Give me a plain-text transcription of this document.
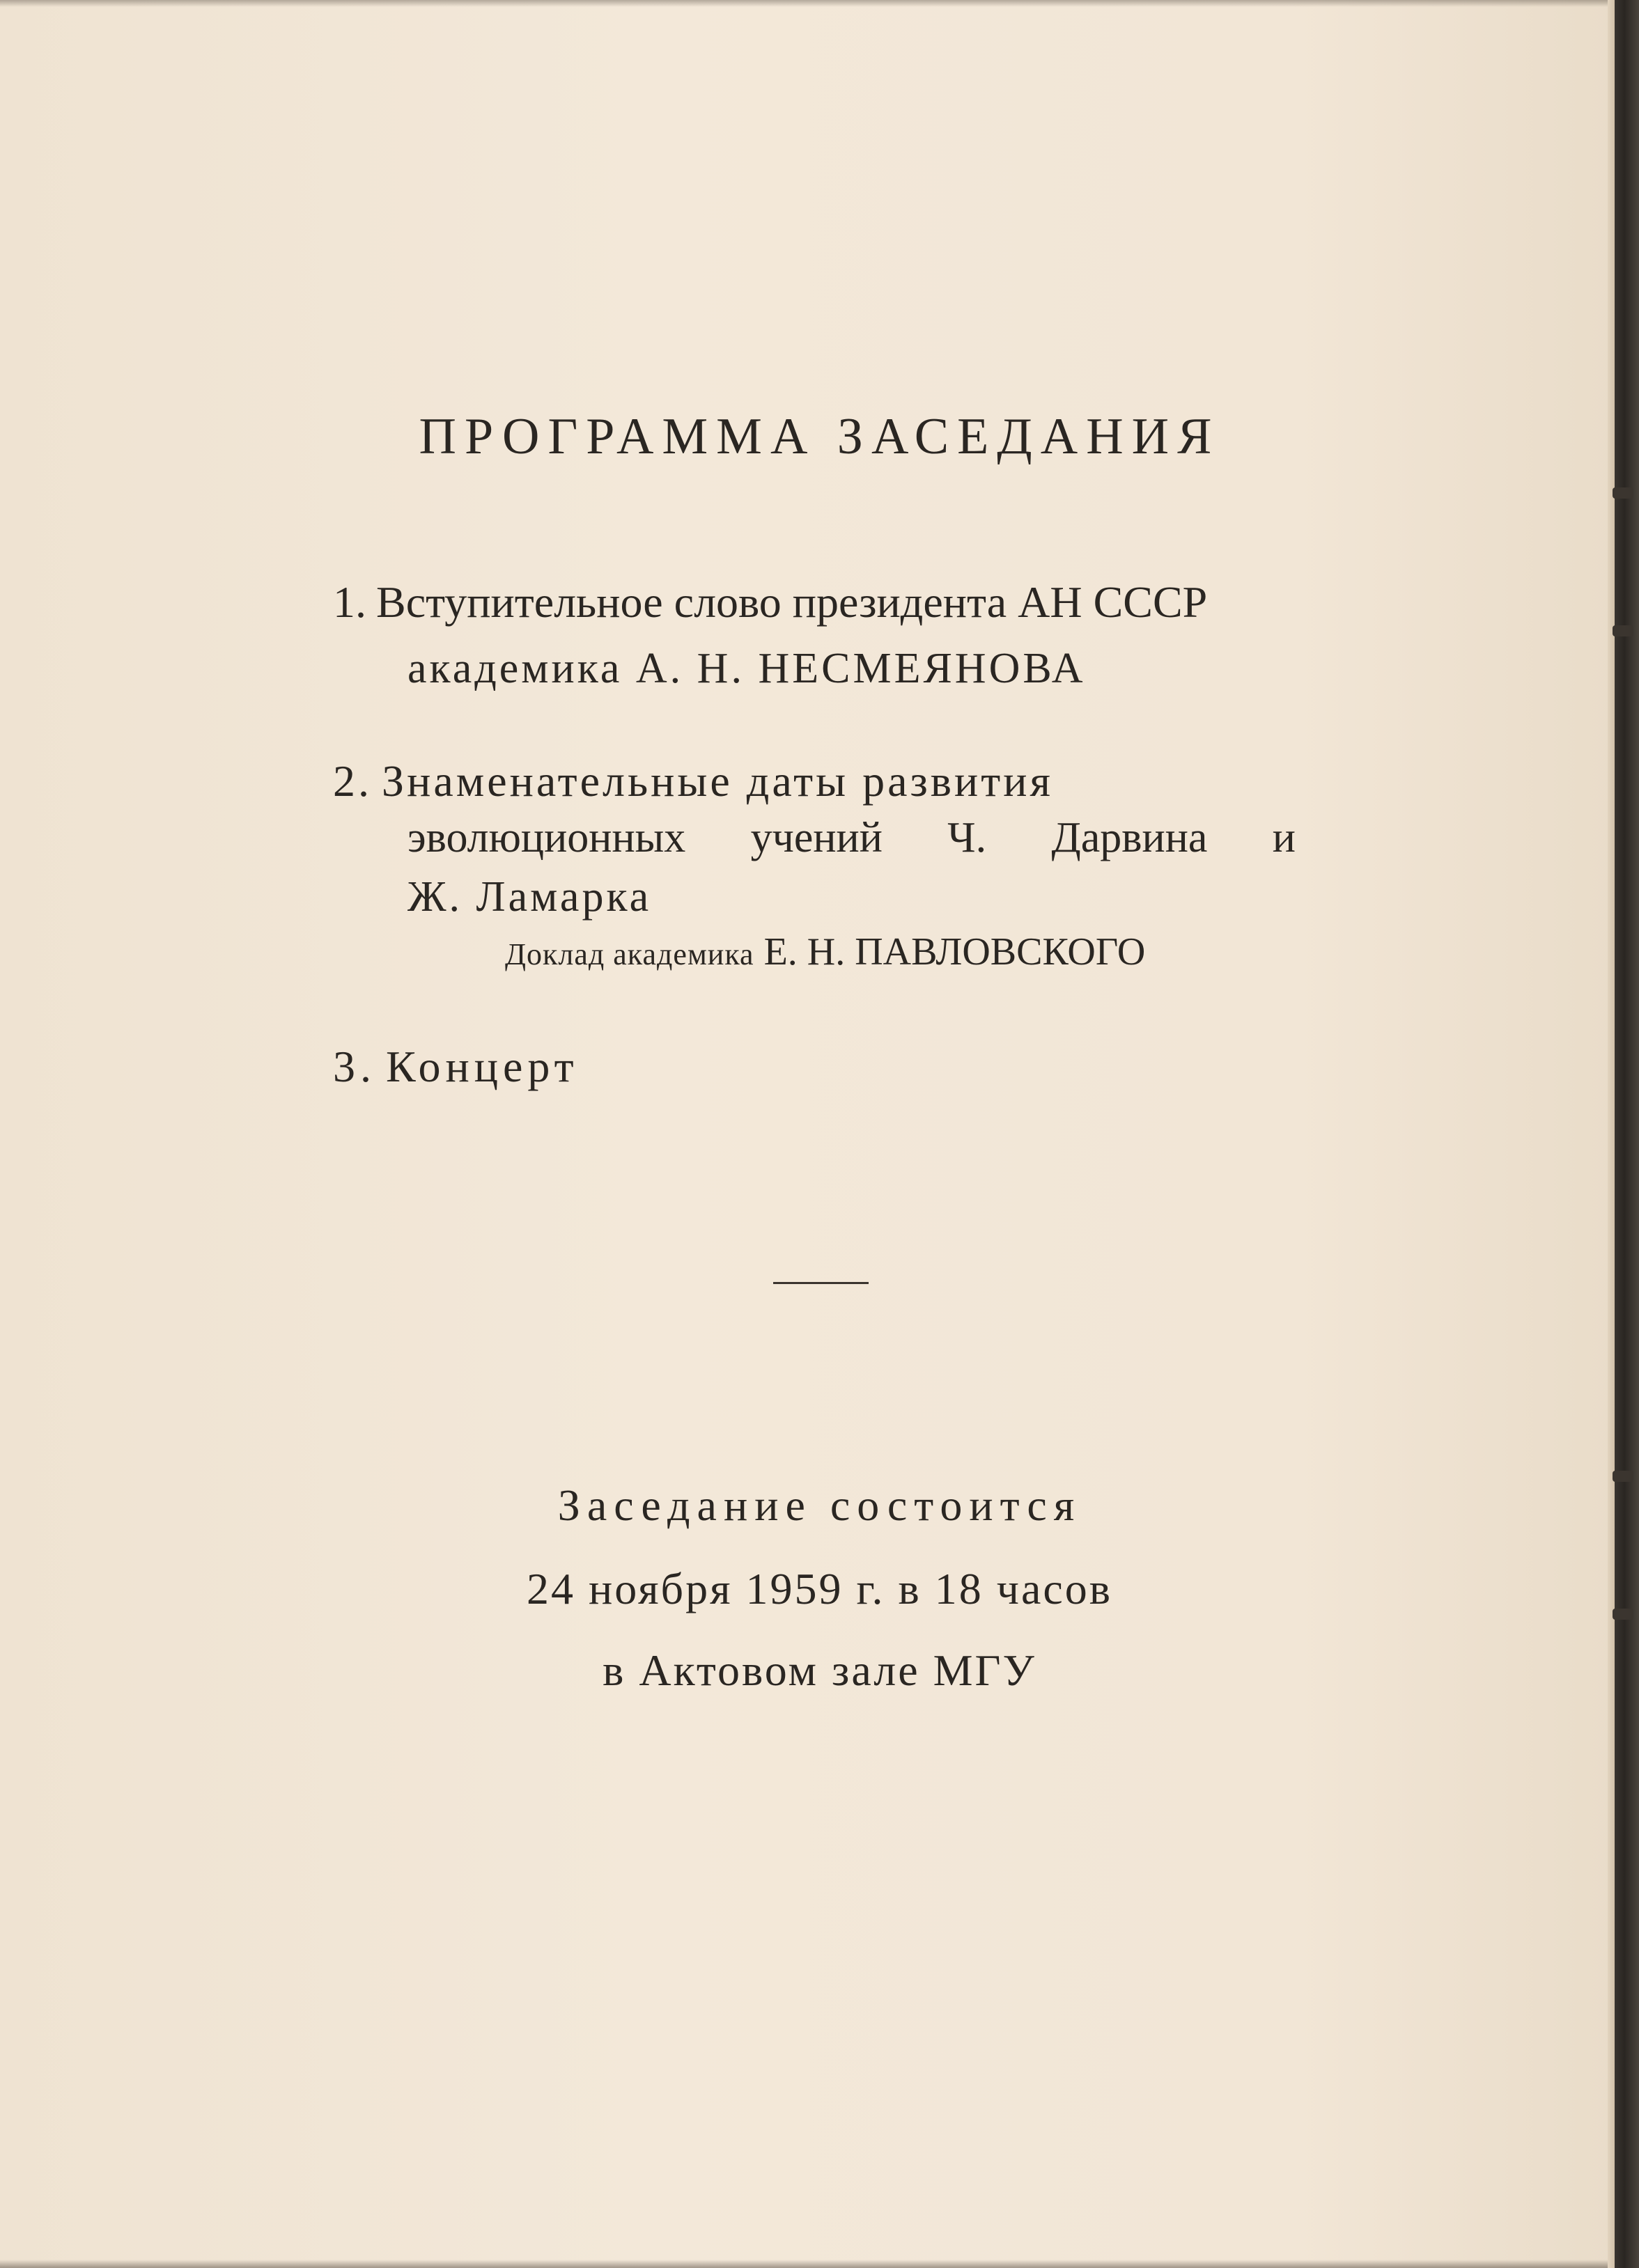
ПРОГРАММА ЗАСЕДАНИЯ
1. Вступительное слово президента АН СССР
академика А. Н. НЕСМЕЯНОВА
2. Знаменательные даты развития
эволюционных учений Ч. Дарвина и
Ж. Ламарка
Доклад академика Е. Н. ПАВЛОВСКОГО
3. Концерт
Заседание состоится
24 ноября 1959 г. в 18 часов
в Актовом зале МГУ
